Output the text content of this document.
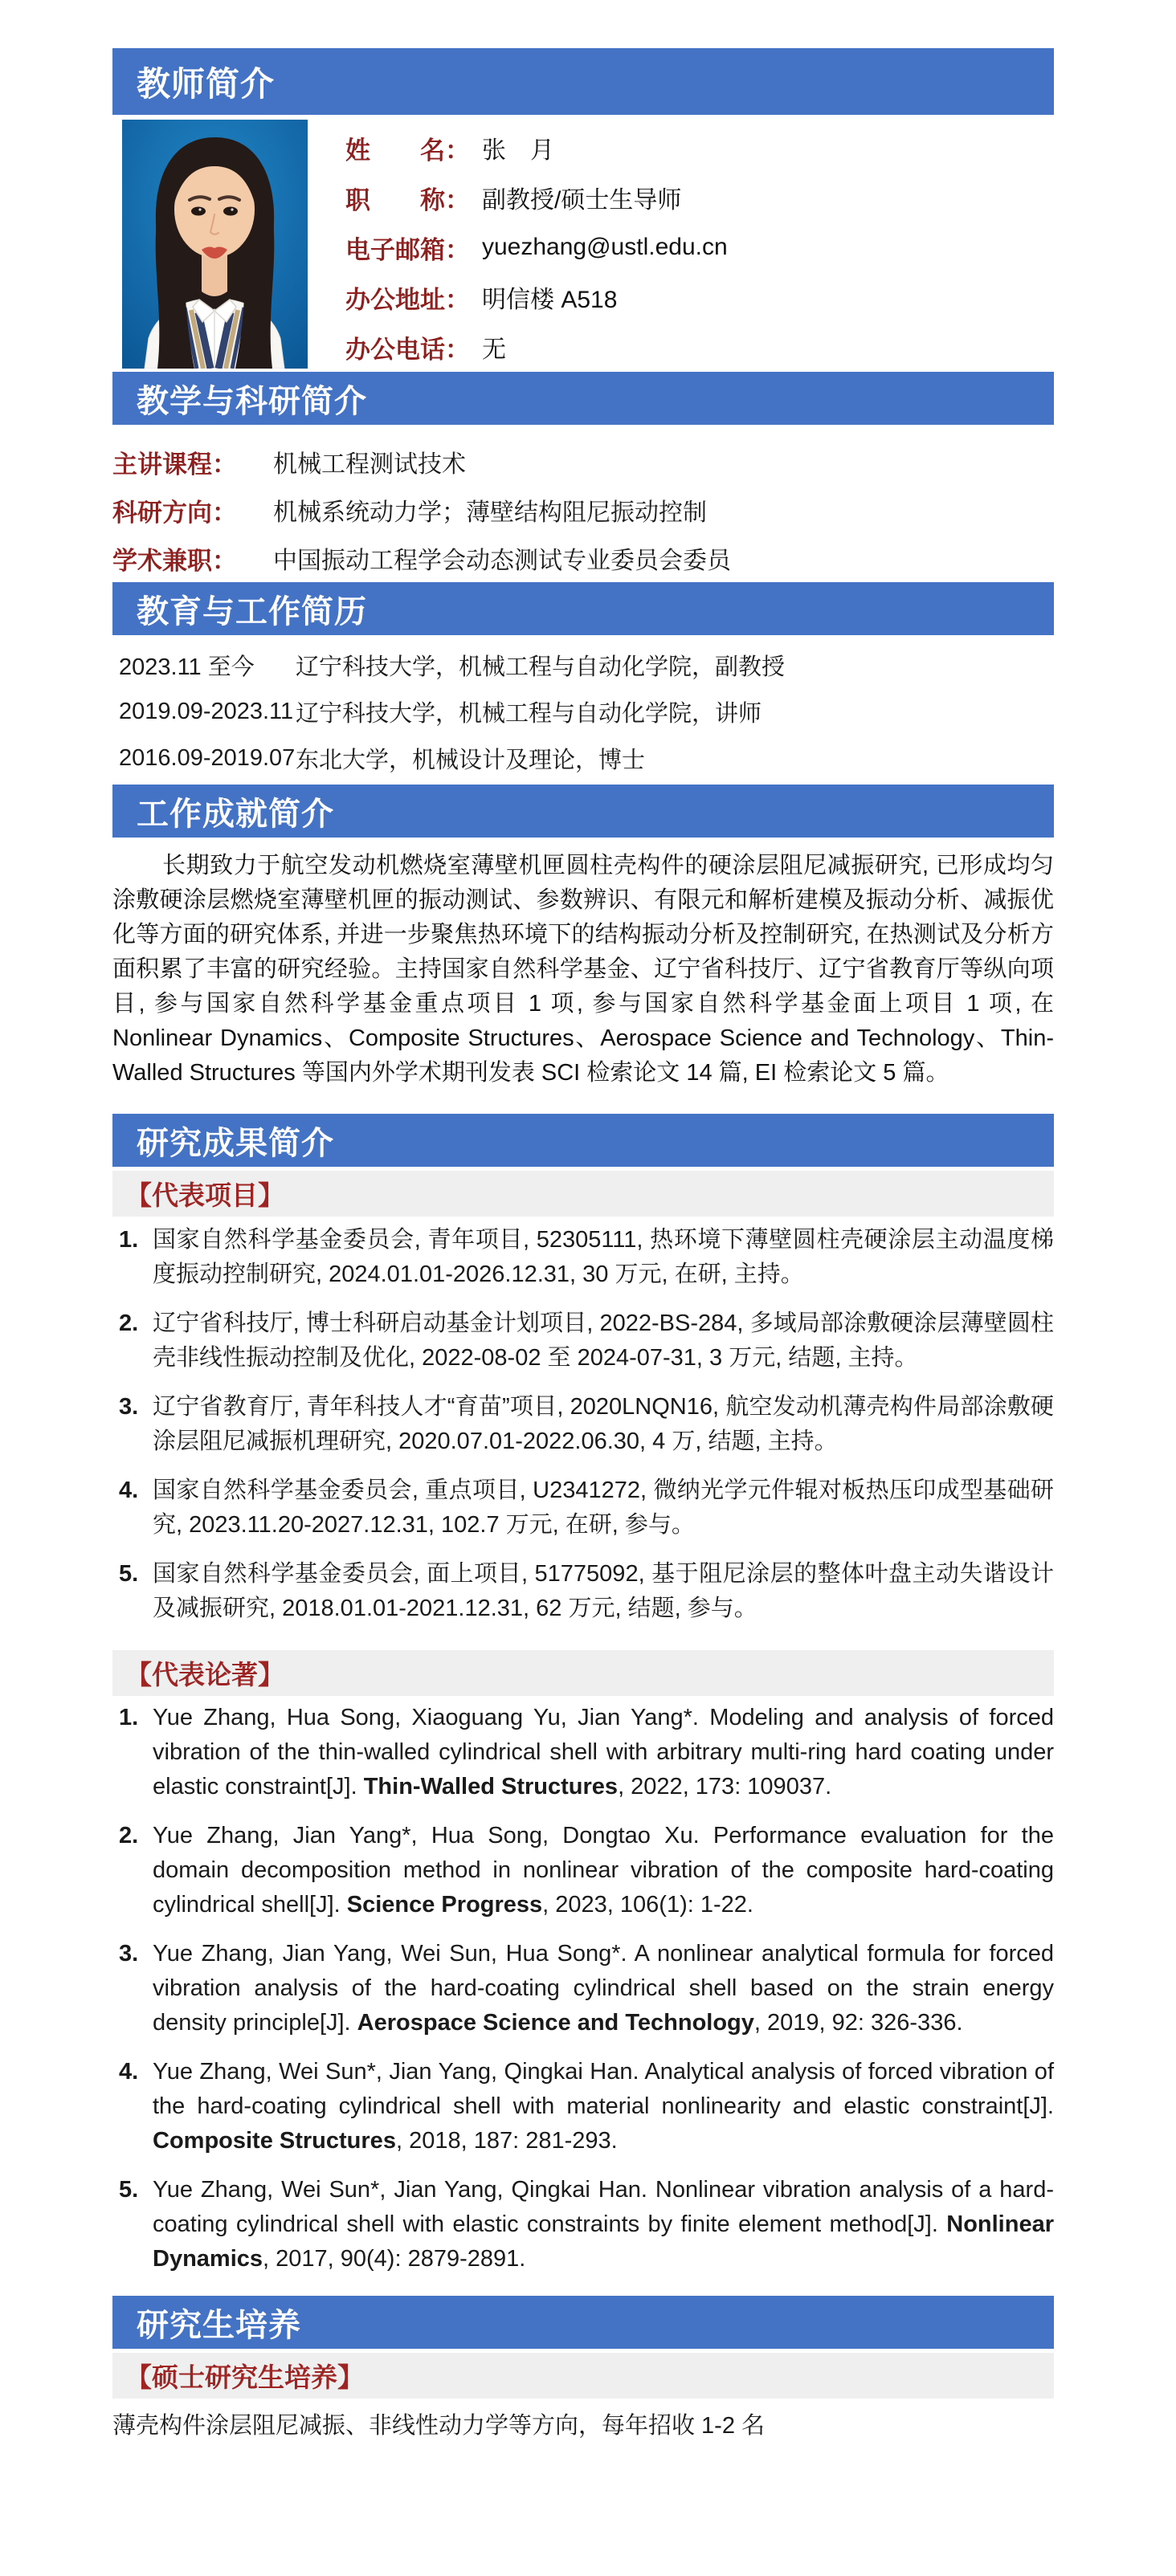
教师简介
姓　　名： 张　月
职　　称： 副教授/硕士生导师
电子邮箱： yuezhang@ustl.edu.cn
办公地址： 明信楼 A518
办公电话： 无
教学与科研简介
主讲课程：	机械工程测试技术
科研方向：	机械系统动力学；薄壁结构阻尼振动控制
学术兼职：	中国振动工程学会动态测试专业委员会委员
教育与工作简历
2023.11 至今	辽宁科技大学，机械工程与自动化学院，副教授
2019.09-2023.11 辽宁科技大学，机械工程与自动化学院，讲师
2016.09-2019.07 东北大学，机械设计及理论，博士
工作成就简介

长期致力于航空发动机燃烧室薄壁机匣圆柱壳构件的硬涂层阻尼减振研究, 已形成均匀涂敷硬涂层燃烧室薄壁机匣的振动测试、参数辨识、有限元和解析建模及振动分析、减振优化等方面的研究体系, 并进一步聚焦热环境下的结构振动分析及控制研究, 在热测试及分析方面积累了丰富的研究经验。主持国家自然科学基金、辽宁省科技厅、辽宁省教育厅等纵向项目, 参与国家自然科学基金重点项目 1 项, 参与国家自然科学基金面上项目 1 项, 在 Nonlinear Dynamics、Composite Structures、Aerospace Science and Technology、Thin-Walled Structures 等国内外学术期刊发表 SCI 检索论文 14 篇, EI 检索论文 5 篇。

研究成果简介
【代表项目】
1. 国家自然科学基金委员会, 青年项目, 52305111, 热环境下薄壁圆柱壳硬涂层主动温度梯度振动控制研究, 2024.01.01-2026.12.31, 30 万元, 在研, 主持。
2. 辽宁省科技厅, 博士科研启动基金计划项目, 2022-BS-284, 多域局部涂敷硬涂层薄壁圆柱壳非线性振动控制及优化, 2022-08-02 至 2024-07-31, 3 万元, 结题, 主持。
3. 辽宁省教育厅, 青年科技人才“育苗”项目, 2020LNQN16, 航空发动机薄壳构件局部涂敷硬涂层阻尼减振机理研究, 2020.07.01-2022.06.30, 4 万, 结题, 主持。
4. 国家自然科学基金委员会, 重点项目, U2341272, 微纳光学元件辊对板热压印成型基础研究, 2023.11.20-2027.12.31, 102.7 万元, 在研, 参与。
5. 国家自然科学基金委员会, 面上项目, 51775092, 基于阻尼涂层的整体叶盘主动失谐设计及减振研究, 2018.01.01-2021.12.31, 62 万元, 结题, 参与。
【代表论著】
1. Yue Zhang, Hua Song, Xiaoguang Yu, Jian Yang*. Modeling and analysis of forced vibration of the thin-walled cylindrical shell with arbitrary multi-ring hard coating under elastic constraint[J]. Thin-Walled Structures, 2022, 173: 109037.
2. Yue Zhang, Jian Yang*, Hua Song, Dongtao Xu. Performance evaluation for the domain decomposition method in nonlinear vibration of the composite hard-coating cylindrical shell[J]. Science Progress, 2023, 106(1): 1-22.
3. Yue Zhang, Jian Yang, Wei Sun, Hua Song*. A nonlinear analytical formula for forced vibration analysis of the hard-coating cylindrical shell based on the strain energy density principle[J]. Aerospace Science and Technology, 2019, 92: 326-336.
4. Yue Zhang, Wei Sun*, Jian Yang, Qingkai Han. Analytical analysis of forced vibration of the hard-coating cylindrical shell with material nonlinearity and elastic constraint[J]. Composite Structures, 2018, 187: 281-293.
5. Yue Zhang, Wei Sun*, Jian Yang, Qingkai Han. Nonlinear vibration analysis of a hard-coating cylindrical shell with elastic constraints by finite element method[J]. Nonlinear Dynamics, 2017, 90(4): 2879-2891.
研究生培养
【硕士研究生培养】

薄壳构件涂层阻尼减振、非线性动力学等方向，每年招收 1-2 名
